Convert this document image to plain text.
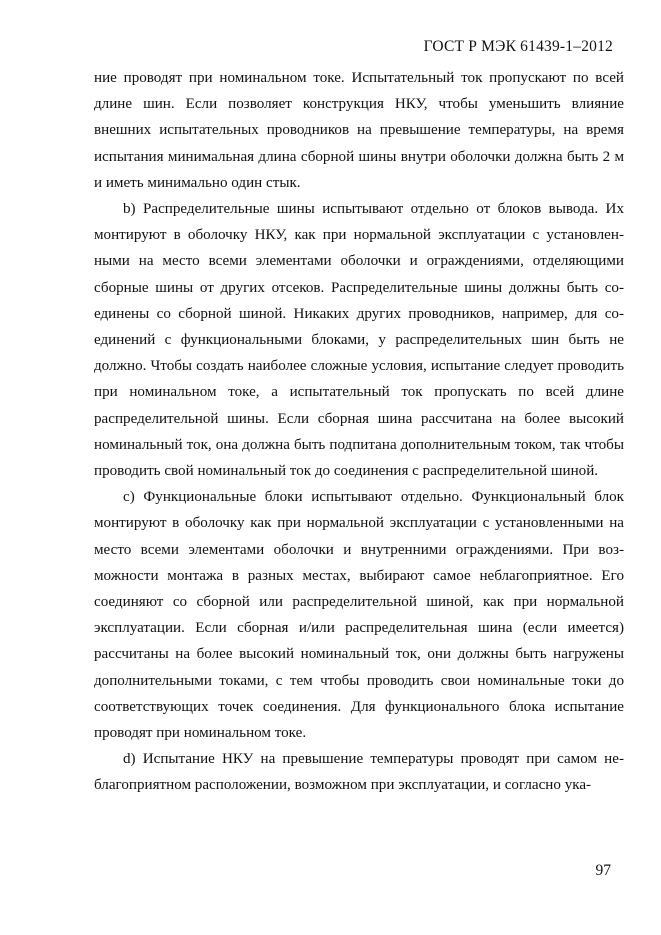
ГОСТ Р МЭК 61439-1–2012

ние проводят при номинальном токе. Испытательный ток пропускают по всей длине шин. Если позволяет конструкция НКУ, чтобы уменьшить влияние внешних испытательных проводников на превышение температуры, на время испытания минимальная длина сборной шины внутри оболочки должна быть 2 м и иметь минимально один стык.

b) Распределительные шины испытывают отдельно от блоков вывода. Их монтируют в оболочку НКУ, как при нормальной эксплуатации с установленными на место всеми элементами оболочки и ограждениями, отделяющими сборные шины от других отсеков. Распределительные шины должны быть соединены со сборной шиной. Никаких других проводников, например, для соединений с функциональными блоками, у распределительных шин быть не должно. Чтобы создать наиболее сложные условия, испытание следует проводить при номинальном токе, а испытательный ток пропускать по всей длине распределительной шины. Если сборная шина рассчитана на более высокий номинальный ток, она должна быть подпитана дополнительным током, так чтобы проводить свой номинальный ток до соединения с распределительной шиной.

c) Функциональные блоки испытывают отдельно. Функциональный блок монтируют в оболочку как при нормальной эксплуатации с установленными на место всеми элементами оболочки и внутренними ограждениями. При возможности монтажа в разных местах, выбирают самое неблагоприятное. Его соединяют со сборной или распределительной шиной, как при нормальной эксплуатации. Если сборная и/или распределительная шина (если имеется) рассчитаны на более высокий номинальный ток, они должны быть нагружены дополнительными токами, с тем чтобы проводить свои номинальные токи до соответствующих точек соединения. Для функционального блока испытание проводят при номинальном токе.

d) Испытание НКУ на превышение температуры проводят при самом неблагоприятном расположении, возможном при эксплуатации, и согласно ука-

97
